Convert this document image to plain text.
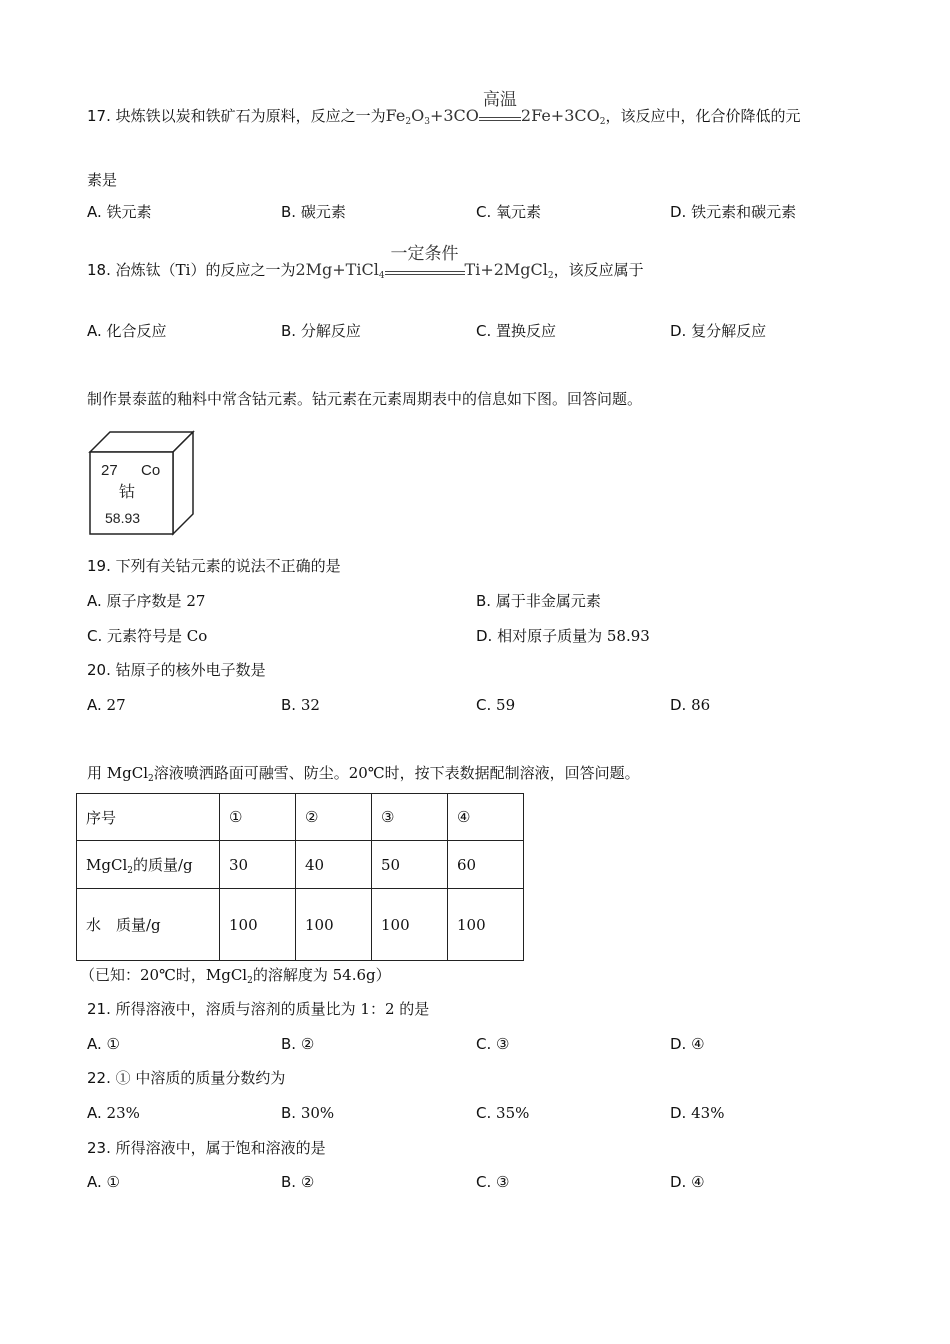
17. 块炼铁以炭和铁矿石为原料，反应之一为$Fe_2O_3+3CO$
高温
$2Fe+3CO_2$，该反应中，化合价降低的元
素是
A. 铁元素	B. 碳元素	C. 氧元素	D. 铁元素和碳元素
18. 冶炼钛（Ti）的反应之一为2Mg+TiCl$_4$
一定条件
Ti+2MgCl$_2$，该反应属于
A. 化合反应	B. 分解反应	C. 置换反应	D. 复分解反应
制作景泰蓝的釉料中常含钴元素。钴元素在元素周期表中的信息如下图。回答问题。
27 Co
钴
58.93
19. 下列有关钴元素的说法不正确的是
A. 原子序数是 27	B. 属于非金属元素
C. 元素符号是 Co	D. 相对原子质量为 58.93
20. 钴原子的核外电子数是
A. 27	B. 32	C. 59	D. 86
用 MgCl$_2$溶液喷洒路面可融雪、防尘。20℃时，按下表数据配制溶液，回答问题。
序号	①	②	③	④
MgCl$_2$的质量/g	30	40	50	60
水　质量/g	100	100	100	100
（已知：20℃时，MgCl$_2$的溶解度为 54.6g）
21. 所得溶液中，溶质与溶剂的质量比为 1：2 的是
A. ①	B. ②	C. ③	D. ④
22. ① 中溶质的质量分数约为
A. 23%	B. 30%	C. 35%	D. 43%
23. 所得溶液中，属于饱和溶液的是
A. ①	B. ②	C. ③	D. ④
